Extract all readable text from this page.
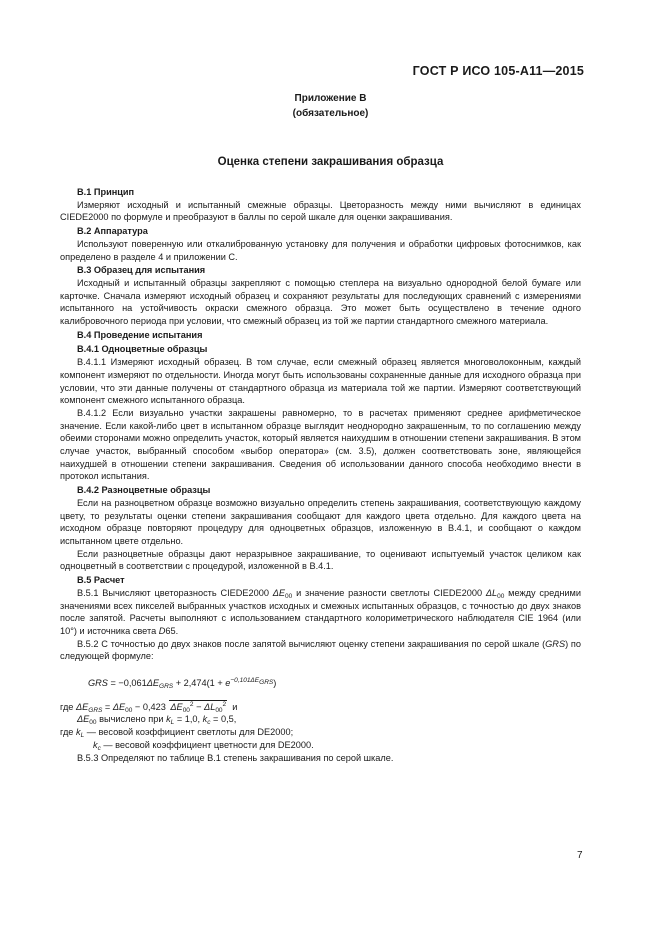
ГОСТ Р ИСО 105-А11—2015
Приложение В
(обязательное)
Оценка степени закрашивания образца

В.1 Принцип

Измеряют исходный и испытанный смежные образцы. Цветоразность между ними вычисляют в единицах CIEDE2000 по формуле и преобразуют в баллы по серой шкале для оценки закрашивания.

В.2 Аппаратура

Используют поверенную или откалиброванную установку для получения и обработки цифровых фотоснимков, как определено в разделе 4 и приложении С.

В.3 Образец для испытания

Исходный и испытанный образцы закрепляют с помощью степлера на визуально однородной белой бумаге или карточке. Сначала измеряют исходный образец и сохраняют результаты для последующих сравнений с измерениями испытанного на устойчивость окраски смежного образца. Это может быть осуществлено в течение одного калибровочного периода при условии, что смежный образец из той же партии стандартного смежного материала.

В.4 Проведение испытания

В.4.1 Одноцветные образцы

В.4.1.1 Измеряют исходный образец. В том случае, если смежный образец является многоволоконным, каждый компонент измеряют по отдельности. Иногда могут быть использованы сохраненные данные для исходного образца при условии, что эти данные получены от стандартного образца из материала той же партии. Измеряют соответствующий компонент смежного испытанного образца.

В.4.1.2 Если визуально участки закрашены равномерно, то в расчетах применяют среднее арифметическое значение. Если какой-либо цвет в испытанном образце выглядит неоднородно закрашенным, то по соглашению между обеими сторонами можно определить участок, который является наихудшим в отношении степени закрашивания. В этом случае участок, выбранный способом «выбор оператора» (см. 3.5), должен соответствовать зоне, являющейся наихудшей в отношении степени закрашивания. Сведения об использовании данного способа необходимо внести в протокол испытания.

В.4.2 Разноцветные образцы

Если на разноцветном образце возможно визуально определить степень закрашивания, соответствующую каждому цвету, то результаты оценки степени закрашивания сообщают для каждого цвета отдельно. Для каждого цвета на исходном образце повторяют процедуру для одноцветных образцов, изложенную в В.4.1, и сообщают о каждом испытанном цвете отдельно.

Если разноцветные образцы дают неразрывное закрашивание, то оценивают испытуемый участок целиком как одноцветный в соответствии с процедурой, изложенной в В.4.1.

В.5 Расчет

В.5.1 Вычисляют цветоразность CIEDE2000 $\Delta E_{00}$ и значение разности светлоты CIEDE2000 $\Delta L_{00}$ между средними значениями всех пикселей выбранных участков исходных и смежных испытанных образцов, с точностью до двух знаков после запятой. Расчеты выполняют с использованием стандартного колориметрического наблюдателя CIE 1964 (или 10°) и источника света D65.

В.5.2 С точностью до двух знаков после запятой вычисляют оценку степени закрашивания по серой шкале (GRS) по следующей формуле:

GRS = $-0,061\Delta E_{GRS} + 2,474(1 + e^{-0,101\Delta E_{GRS}})$

где $\Delta E_{GRS} = \Delta E_{00} - 0,423$ $\Delta E_{00}^2 - \Delta L_{00}^2$  и

$\Delta E_{00}$ вычислено при $k_L = 1,0$, $k_c = 0,5$,

где $k_L$ — весовой коэффициент светлоты для DE2000;

$k_c$ — весовой коэффициент цветности для DE2000.

В.5.3 Определяют по таблице В.1 степень закрашивания по серой шкале.

7
